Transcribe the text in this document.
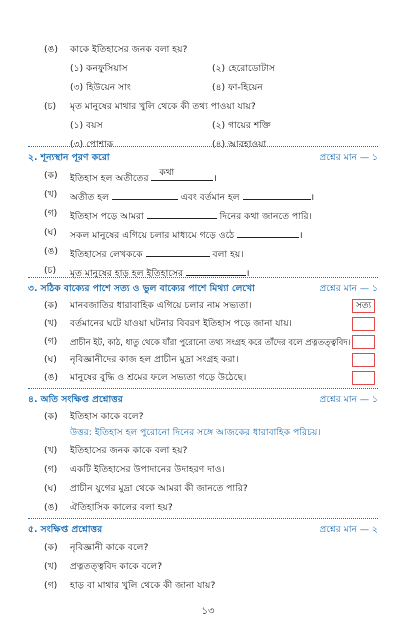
(ঙ) কাকে ইতিহাসের জনক বলা হয়?
(১) কনফুসিয়াস	(২) হেরোডোটাস
(৩) হিউয়েন সাং	(৪) ফা-হিয়েন
(চ) মৃত মানুষের মাথার খুলি থেকে কী তথ্য পাওয়া যায়?
(১) বয়স	(২) গায়ের শক্তি
(৩) পোশাক	(৪) আবহাওয়া
২. শূন্যস্থান পূরণ করো	প্রশ্নের মান — ১
(ক) ইতিহাস হল অতীতের কথা	।
(খ) অতীত হল	এবং বর্তমান হল	।
(গ) ইতিহাস পড়ে আমরা	দিনের কথা জানতে পারি।
(ঘ) সকল মানুষের এগিয়ে চলার মাধ্যমে গড়ে ওঠে	।
(ঙ) ইতিহাসের লেখককে	বলা হয়।
(চ) মৃত মানুষের হাড় হল ইতিহাসের	।
৩. সঠিক বাক্যের পাশে সত্য ও ভুল বাক্যের পাশে মিথ্যা লেখো	প্রশ্নের মান — ১
(ক) মানবজাতির ধারাবাহিক এগিয়ে চলার নাম সভ্যতা।	সত্য
(খ) বর্তমানের ঘটে যাওয়া ঘটনার বিবরণ ইতিহাস পড়ে জানা যায়।
(গ) প্রাচীন ইট, কাঠ, ধাতু থেকে যাঁরা পুরোনো তথ্য সংগ্রহ করে তাঁদের বলে প্রত্নতত্ত্ববিদ।
(ঘ) নৃবিজ্ঞানীদের কাজ হল প্রাচীন মুদ্রা সংগ্রহ করা।
(ঙ) মানুষের বুদ্ধি ও শ্রমের ফলে সভ্যতা গড়ে উঠেছে।
৪. অতি সংক্ষিপ্ত প্রশ্নোত্তর	প্রশ্নের মান — ১
(ক) ইতিহাস কাকে বলে?
উত্তর: ইতিহাস হল পুরোনো দিনের সঙ্গে আজকের ধারাবাহিক পরিচয়।
(খ) ইতিহাসের জনক কাকে বলা হয়?
(গ) একটি ইতিহাসের উপাদানের উদাহরণ দাও।
(ঘ) প্রাচীন যুগের মুদ্রা থেকে আমরা কী জানতে পারি?
(ঙ) ঐতিহাসিক কালের বলা হয়?
৫. সংক্ষিপ্ত প্রশ্নোত্তর	প্রশ্নের মান — ২
(ক) নৃবিজ্ঞানী কাকে বলে?
(খ) প্রত্নতত্ত্ববিদ কাকে বলে?
(গ) হাড় বা মাথার খুলি থেকে কী জানা যায়?
১৩
